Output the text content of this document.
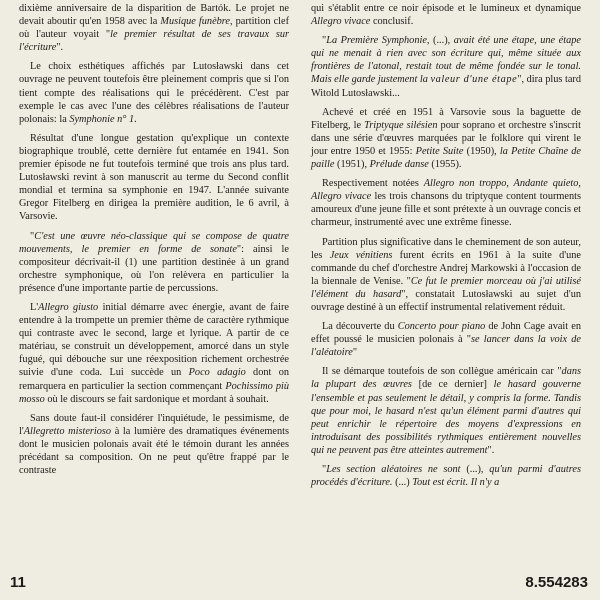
dixième anniversaire de la disparition de Bartók. Le projet ne devait aboutir qu'en 1958 avec la Musique funèbre, partition clef où l'auteur voyait "le premier résultat de ses travaux sur l'écriture".

Le choix esthétiques affichés par Lutosławski dans cet ouvrage ne peuvent toutefois être pleinement compris que si l'on tient compte des réalisations qui le précédèrent. C'est par exemple le cas avec l'une des célèbres réalisations de l'auteur polonais: la Symphonie n° 1.

Résultat d'une longue gestation qu'explique un contexte biographique troublé, cette dernière fut entamée en 1941. Son premier épisode ne fut toutefois terminé que trois ans plus tard. Lutosławski revint à son manuscrit au terme du Second conflit mondial et termina sa symphonie en 1947. L'année suivante Gregor Fitelberg en dirigea la première audition, le 6 avril, à Varsovie.

"C'est une œuvre néo-classique qui se compose de quatre mouvements, le premier en forme de sonate": ainsi le compositeur décrivait-il (1) une partition destinée à un grand orchestre symphonique, où l'on relèvera en particulier la présence d'une importante partie de percussions.

L'Allegro giusto initial démarre avec énergie, avant de faire entendre à la trompette un premier thème de caractère rythmique qui contraste avec le second, large et lyrique. A partir de ce matériau, se construit un développement, amorcé dans un style fugué, qui débouche sur une réexposition richement orchestrée suivie d'une coda. Lui succède un Poco adagio dont on remarquera en particulier la section commençant Pochissimo più mosso où le discours se fait sardonique et mordant à souhait.

Sans doute faut-il considérer l'inquiétude, le pessimisme, de l'Allegretto misterioso à la lumière des dramatiques événements dont le musicien polonais avait été le témoin durant les années précédant sa composition. On ne peut qu'être frappé par le contraste

qui s'établit entre ce noir épisode et le lumineux et dynamique Allegro vivace conclusif.

"La Première Symphonie, (...), avait été une étape, une étape qui ne menait à rien avec son écriture qui, même située aux frontières de l'atonal, restait tout de même fondée sur le tonal. Mais elle garde justement la valeur d'une étape", dira plus tard Witold Lutosławski...

Achevé et créé en 1951 à Varsovie sous la baguette de Fitelberg, le Triptyque silésien pour soprano et orchestre s'inscrit dans une série d'œuvres marquées par le folklore qui virent le jour entre 1950 et 1955: Petite Suite (1950), la Petite Chaîne de paille (1951), Prélude danse (1955).

Respectivement notées Allegro non troppo, Andante quieto, Allegro vivace les trois chansons du triptyque content tourments amoureux d'une jeune fille et sont prétexte à un ouvrage concis et charmeur, instrumenté avec une extrême finesse.

Partition plus significative dans le cheminement de son auteur, les Jeux vénitiens furent écrits en 1961 à la suite d'une commande du chef d'orchestre Andrej Markowski à l'occasion de la biennale de Venise. "Ce fut le premier morceau où j'ai utilisé l'élément du hasard", constatait Lutosławski au sujet d'un ouvrage destiné à un effectif instrumental relativement réduit.

La découverte du Concerto pour piano de John Cage avait en effet poussé le musicien polonais à "se lancer dans la voix de l'aléatoire"

Il se démarque toutefois de son collègue américain car "dans la plupart des œuvres [de ce dernier] le hasard gouverne l'ensemble et pas seulement le détail, y compris la forme. Tandis que pour moi, le hasard n'est qu'un élément parmi d'autres qui peut enrichir le répertoire des moyens d'expressions en introduisant des possibilités rythmiques entièrement nouvelles qui ne peuvent pas être atteintes autrement".

"Les section aléatoires ne sont (...), qu'un parmi d'autres procédés d'écriture. (...) Tout est écrit. Il n'y a

11	8.554283
